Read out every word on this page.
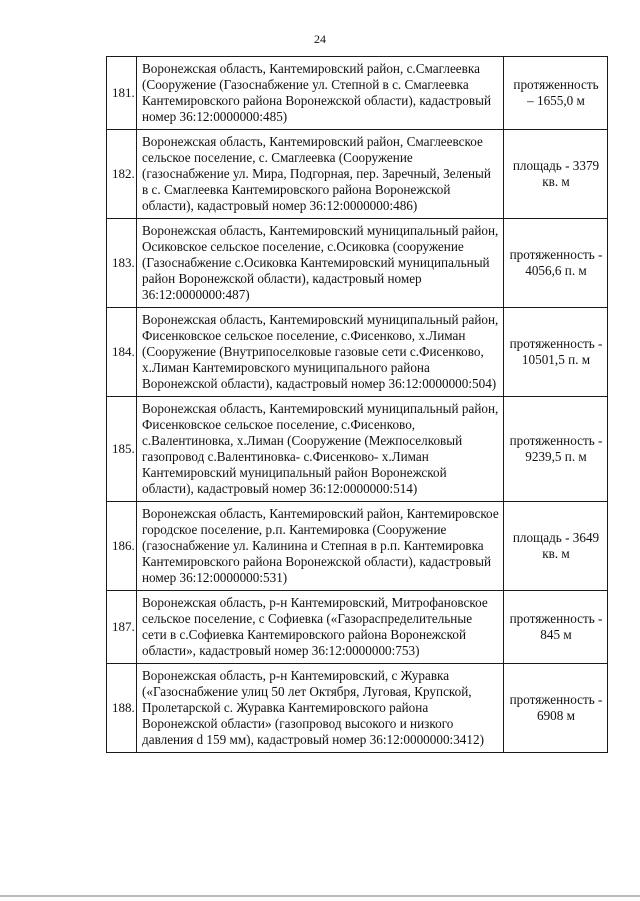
24
181.	Воронежская область, Кантемировский район, с.Смаглеевка (Сооружение (Газоснабжение ул. Степной в с. Смаглеевка Кантемировского района Воронежской области), кадастровый номер 36:12:0000000:485)	протяженность – 1655,0 м
182.	Воронежская область, Кантемировский район, Смаглеевское сельское поселение, с. Смаглеевка (Сооружение (газоснабжение ул. Мира, Подгорная, пер. Заречный, Зеленый в с. Смаглеевка Кантемировского района Воронежской области), кадастровый номер 36:12:0000000:486)	площадь - 3379 кв. м
183.	Воронежская область, Кантемировский муниципальный район, Осиковское сельское поселение, с.Осиковка (сооружение (Газоснабжение с.Осиковка Кантемировский муниципальный район Воронежской области), кадастровый номер 36:12:0000000:487)	протяженность - 4056,6 п. м
184.	Воронежская область, Кантемировский муниципальный район, Фисенковское сельское поселение, с.Фисенково, х.Лиман (Сооружение (Внутрипоселковые газовые сети с.Фисенково, х.Лиман Кантемировского муниципального района Воронежской области), кадастровый номер 36:12:0000000:504)	протяженность - 10501,5 п. м
185.	Воронежская область, Кантемировский муниципальный район, Фисенковское сельское поселение, с.Фисенково, с.Валентиновка, х.Лиман (Сооружение (Межпоселковый газопровод с.Валентиновка- с.Фисенково- х.Лиман Кантемировский муниципальный район Воронежской области), кадастровый номер 36:12:0000000:514)	протяженность - 9239,5 п. м
186.	Воронежская область, Кантемировский район, Кантемировское городское поселение, р.п. Кантемировка (Сооружение (газоснабжение ул. Калинина и Степная в р.п. Кантемировка Кантемировского района Воронежской области), кадастровый номер 36:12:0000000:531)	площадь - 3649 кв. м
187.	Воронежская область, р-н Кантемировский, Митрофановское сельское поселение, с Софиевка («Газораспределительные сети в с.Софиевка Кантемировского района Воронежской области», кадастровый номер 36:12:0000000:753)	протяженность - 845 м
188.	Воронежская область, р-н Кантемировский, с Журавка («Газоснабжение улиц 50 лет Октября, Луговая, Крупской, Пролетарской с. Журавка Кантемировского района Воронежской области» (газопровод высокого и низкого давления d 159 мм), кадастровый номер 36:12:0000000:3412)	протяженность - 6908 м
